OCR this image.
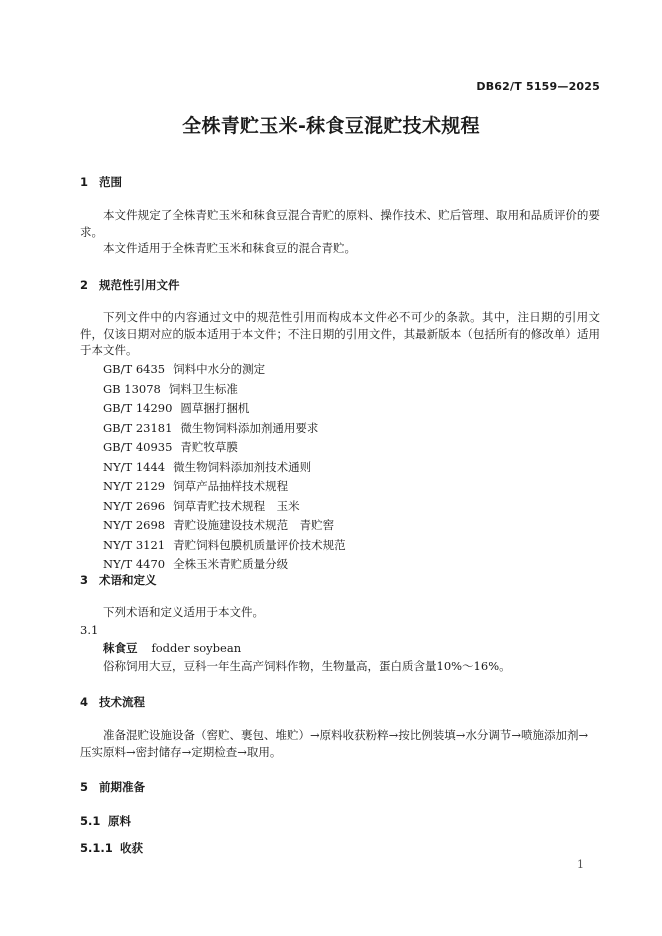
DB62/T 5159—2025
全株青贮玉米-秣食豆混贮技术规程
1 范围
本文件规定了全株青贮玉米和秣食豆混合青贮的原料、操作技术、贮后管理、取用和品质评价的要求。
本文件适用于全株青贮玉米和秣食豆的混合青贮。
2 规范性引用文件
下列文件中的内容通过文中的规范性引用而构成本文件必不可少的条款。其中，注日期的引用文件，仅该日期对应的版本适用于本文件；不注日期的引用文件，其最新版本（包括所有的修改单）适用于本文件。
GB/T 6435 饲料中水分的测定
GB 13078 饲料卫生标准
GB/T 14290 圆草捆打捆机
GB/T 23181 微生物饲料添加剂通用要求
GB/T 40935 青贮牧草膜
NY/T 1444 微生物饲料添加剂技术通则
NY/T 2129 饲草产品抽样技术规程
NY/T 2696 饲草青贮技术规程　玉米
NY/T 2698 青贮设施建设技术规范　青贮窖
NY/T 3121 青贮饲料包膜机质量评价技术规范
NY/T 4470 全株玉米青贮质量分级
3 术语和定义
下列术语和定义适用于本文件。
3.1
秣食豆 fodder soybean
俗称饲用大豆，豆科一年生高产饲料作物，生物量高，蛋白质含量10%～16%。
4 技术流程
准备混贮设施设备（窖贮、裹包、堆贮）→原料收获粉粹→按比例装填→水分调节→喷施添加剂→
压实原料→密封储存→定期检查→取用。
5 前期准备
5.1 原料
5.1.1 收获
1
